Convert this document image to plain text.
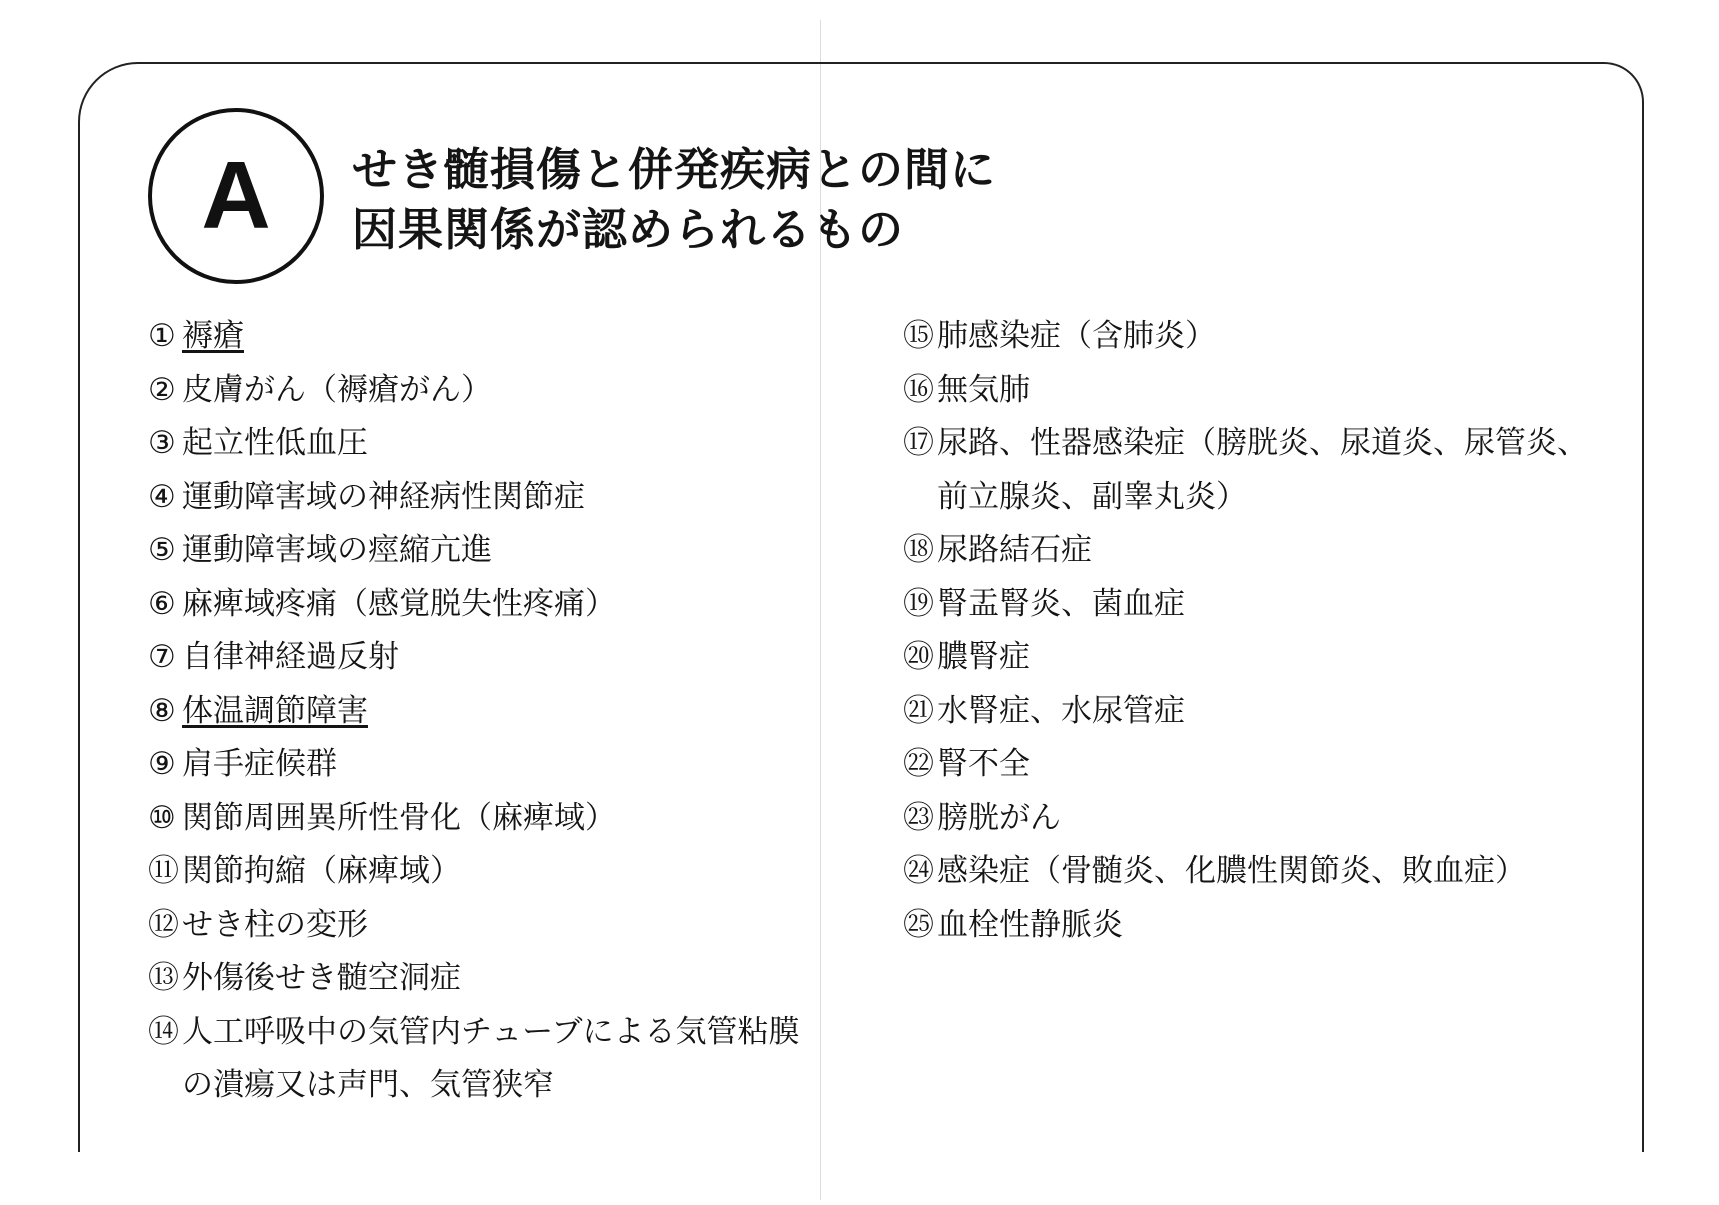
A せき髄損傷と併発疾病との間に
因果関係が認められるもの
① 褥瘡
② 皮膚がん（褥瘡がん）
③ 起立性低血圧
④ 運動障害域の神経病性関節症
⑤ 運動障害域の痙縮亢進
⑥ 麻痺域疼痛（感覚脱失性疼痛）
⑦ 自律神経過反射
⑧ 体温調節障害
⑨ 肩手症候群
⑩ 関節周囲異所性骨化（麻痺域）
⑪ 関節拘縮（麻痺域）
⑫ せき柱の変形
⑬ 外傷後せき髄空洞症
⑭ 人工呼吸中の気管内チューブによる気管粘膜の潰瘍又は声門、気管狭窄
⑮ 肺感染症（含肺炎）
⑯ 無気肺
⑰ 尿路、性器感染症（膀胱炎、尿道炎、尿管炎、前立腺炎、副睾丸炎）
⑱ 尿路結石症
⑲ 腎盂腎炎、菌血症
⑳ 膿腎症
㉑ 水腎症、水尿管症
㉒ 腎不全
㉓ 膀胱がん
㉔ 感染症（骨髄炎、化膿性関節炎、敗血症）
㉕ 血栓性静脈炎
